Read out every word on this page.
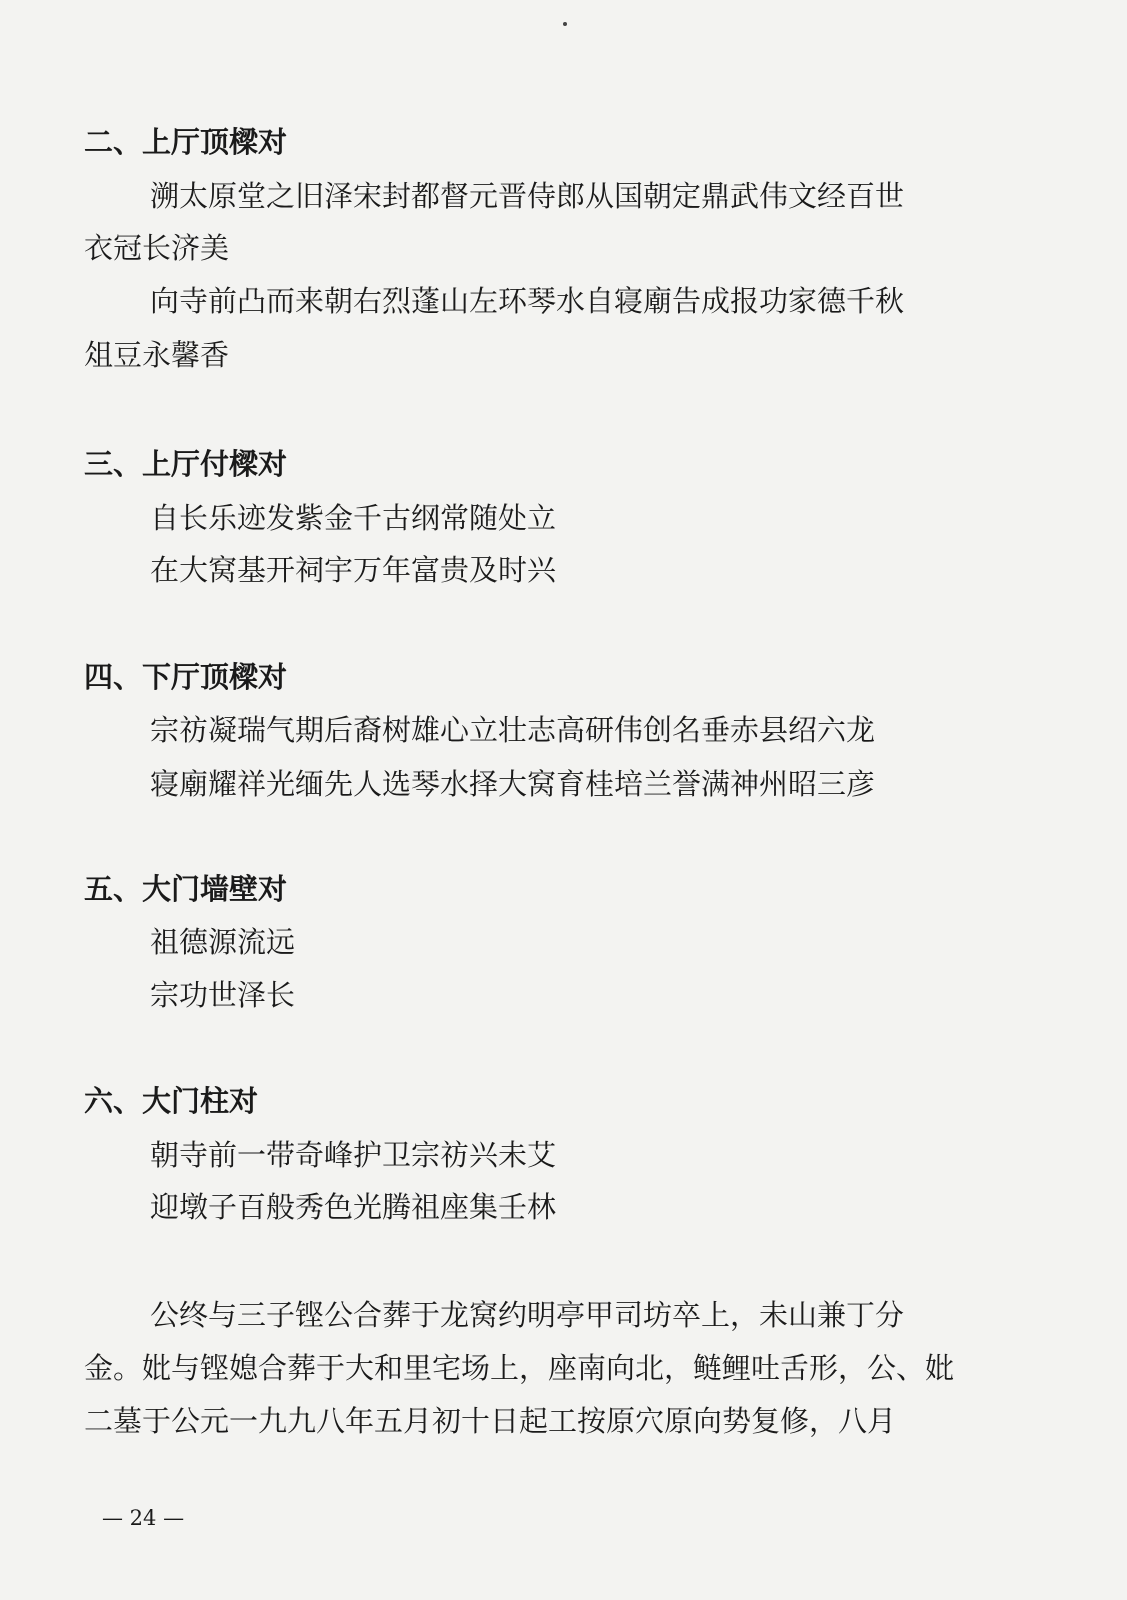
二、上厅顶樑对
溯太原堂之旧泽宋封都督元晋侍郎从国朝定鼎武伟文经百世
衣冠长济美
向寺前凸而来朝右烈蓬山左环琴水自寝廟告成报功家德千秋
俎豆永馨香
三、上厅付樑对
自长乐迹发紫金千古纲常随处立
在大窝基开祠宇万年富贵及时兴
四、下厅顶樑对
宗祊凝瑞气期后裔树雄心立壮志高研伟创名垂赤县绍六龙
寝廟耀祥光缅先人选琴水择大窝育桂培兰誉满神州昭三彦
五、大门墙壁对
祖德源流远
宗功世泽长
六、大门柱对
朝寺前一带奇峰护卫宗祊兴未艾
迎墩子百般秀色光腾祖座集壬林
公终与三子铿公合葬于龙窝约明亭甲司坊卒上，未山兼丁分
金。妣与铿媳合葬于大和里宅场上，座南向北，鲢鲤吐舌形，公、妣
二墓于公元一九九八年五月初十日起工按原穴原向势复修，八月
— 24 —
